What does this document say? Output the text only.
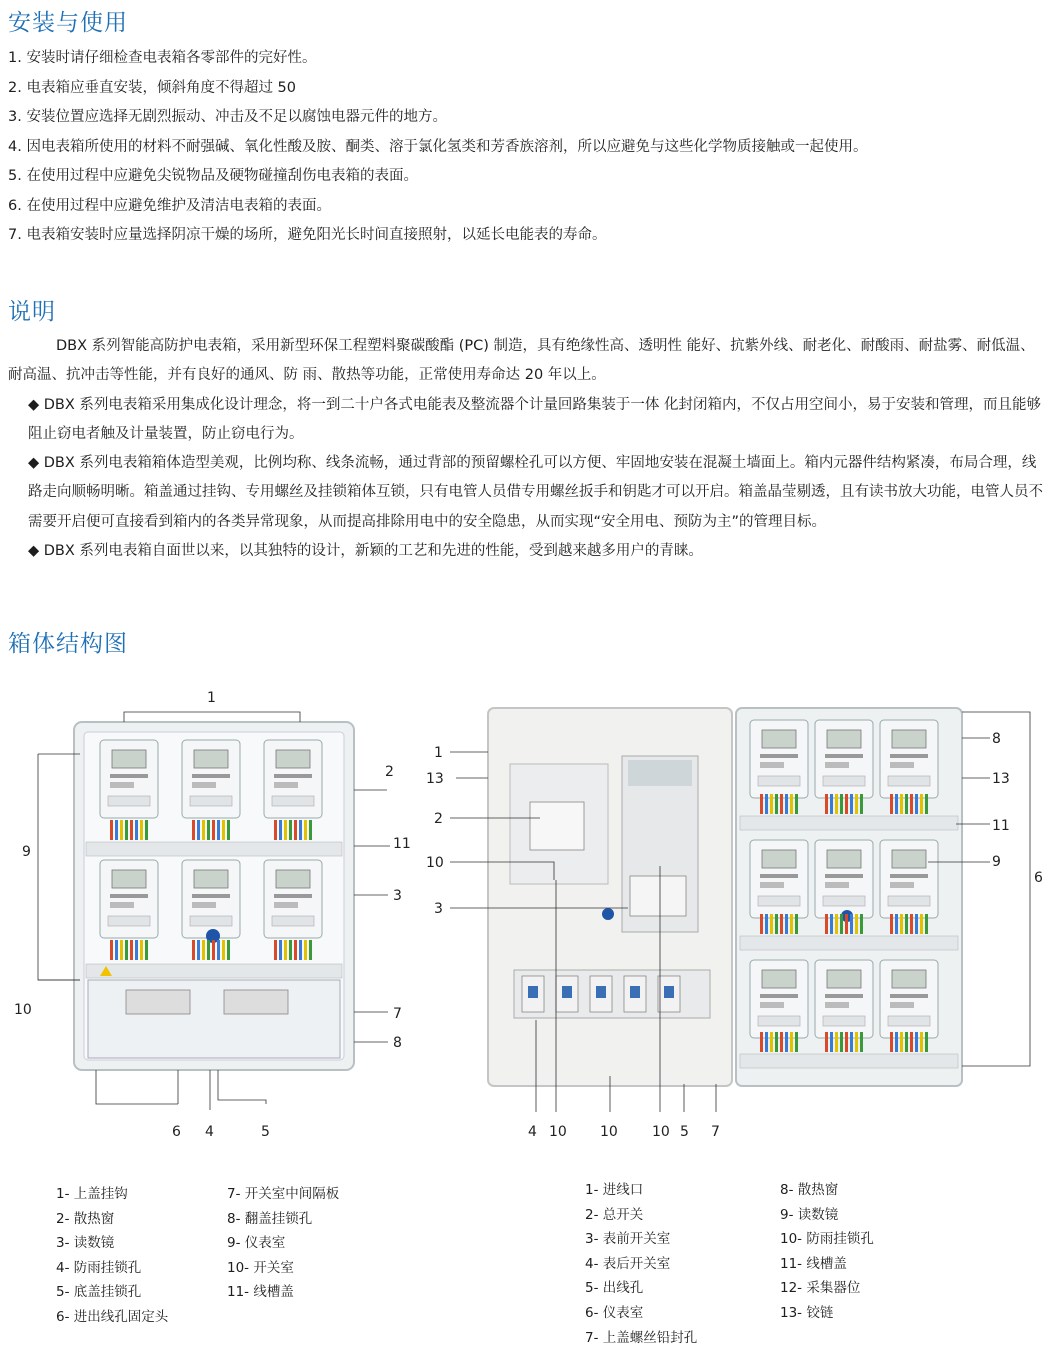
安装与使用
1. 安装时请仔细检查电表箱各零部件的完好性。
2. 电表箱应垂直安装，倾斜角度不得超过 50
3. 安装位置应选择无剧烈振动、冲击及不足以腐蚀电器元件的地方。
4. 因电表箱所使用的材料不耐强碱、氧化性酸及胺、酮类、溶于氯化氢类和芳香族溶剂，所以应避免与这些化学物质接触或一起使用。
5. 在使用过程中应避免尖锐物品及硬物碰撞刮伤电表箱的表面。
6. 在使用过程中应避免维护及清洁电表箱的表面。
7. 电表箱安装时应量选择阴凉干燥的场所，避免阳光长时间直接照射，以延长电能表的寿命。
说明

DBX 系列智能高防护电表箱，采用新型环保工程塑料聚碳酸酯 (PC) 制造，具有绝缘性高、透明性 能好、抗紫外线、耐老化、耐酸雨、耐盐雾、耐低温、耐高温、抗冲击等性能，并有良好的通风、防 雨、散热等功能，正常使用寿命达 20 年以上。

◆ DBX 系列电表箱采用集成化设计理念，将一到二十户各式电能表及整流器个计量回路集装于一体 化封闭箱内，不仅占用空间小，易于安装和管理，而且能够阻止窃电者触及计量装置，防止窃电行为。

◆ DBX 系列电表箱箱体造型美观，比例均称、线条流畅，通过背部的预留螺栓孔可以方便、牢固地安装在混凝土墙面上。箱内元器件结构紧凑，布局合理，线路走向顺畅明晰。箱盖通过挂钩、专用螺丝及挂锁箱体互锁，只有电管人员借专用螺丝扳手和钥匙才可以开启。箱盖晶莹剔透，且有读书放大功能，电管人员不需要开启便可直接看到箱内的各类异常现象，从而提高排除用电中的安全隐患，从而实现“安全用电、预防为主”的管理目标。

◆ DBX 系列电表箱自面世以来，以其独特的设计，新颖的工艺和先进的性能，受到越来越多用户的青睐。

箱体结构图
1
2
9	11
3
10	7
8
6 4	5
1
13
2
10
3
8
13
11
9
6
4 10 10 10 5 7
1- 上盖挂钩
2- 散热窗
3- 读数镜
4- 防雨挂锁孔
5- 底盖挂锁孔
6- 进出线孔固定头
7- 开关室中间隔板
8- 翻盖挂锁孔
9- 仪表室
10- 开关室
11- 线槽盖
1- 进线口
2- 总开关
3- 表前开关室
4- 表后开关室
5- 出线孔
6- 仪表室
7- 上盖螺丝铅封孔
8- 散热窗
9- 读数镜
10- 防雨挂锁孔
11- 线槽盖
12- 采集器位
13- 铰链
